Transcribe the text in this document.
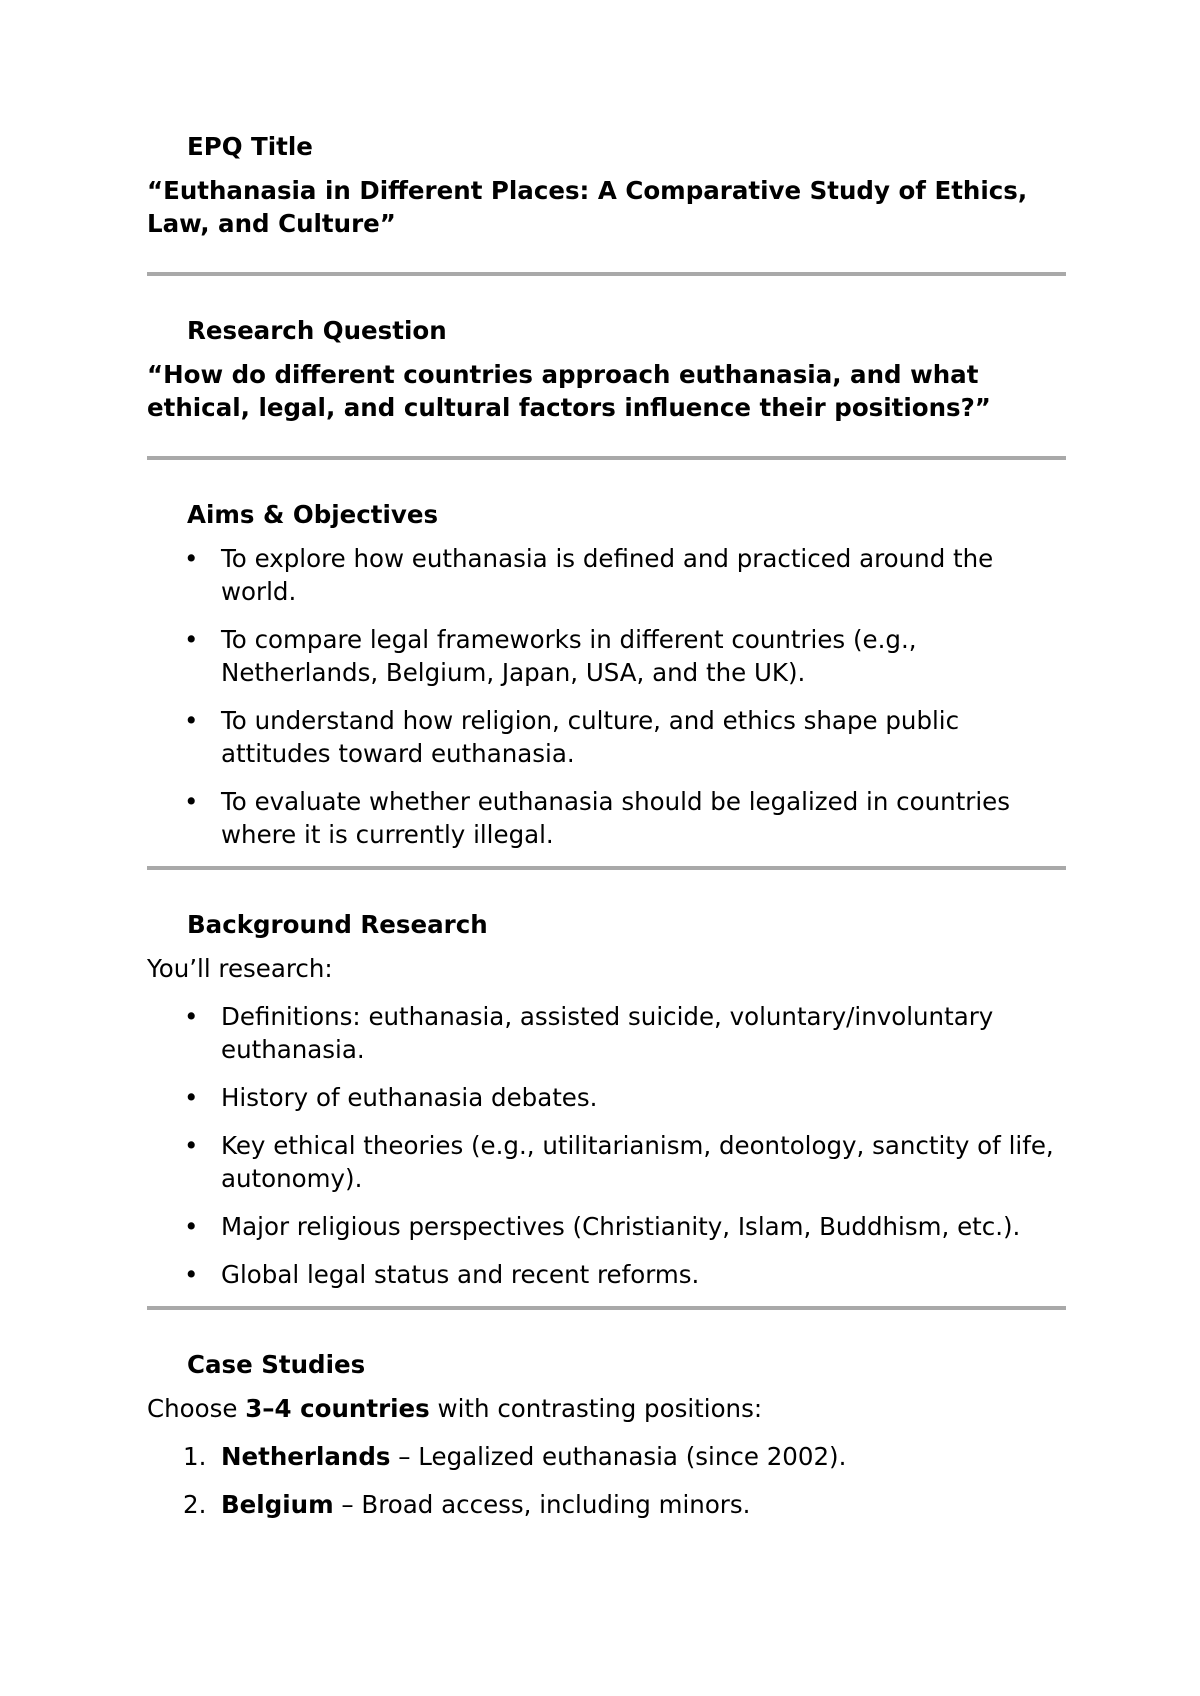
EPQ Title
“Euthanasia in Different Places: A Comparative Study of Ethics, Law, and Culture”
Research Question
“How do different countries approach euthanasia, and what ethical, legal, and cultural factors influence their positions?”
Aims & Objectives
• To explore how euthanasia is defined and practiced around the world.
• To compare legal frameworks in different countries (e.g., Netherlands, Belgium, Japan, USA, and the UK).
• To understand how religion, culture, and ethics shape public attitudes toward euthanasia.
• To evaluate whether euthanasia should be legalized in countries where it is currently illegal.
Background Research
You’ll research:
• Definitions: euthanasia, assisted suicide, voluntary/involuntary euthanasia.
• History of euthanasia debates.
• Key ethical theories (e.g., utilitarianism, deontology, sanctity of life, autonomy).
• Major religious perspectives (Christianity, Islam, Buddhism, etc.).
• Global legal status and recent reforms.
Case Studies
Choose 3–4 countries with contrasting positions:
1. Netherlands – Legalized euthanasia (since 2002).
2. Belgium – Broad access, including minors.
